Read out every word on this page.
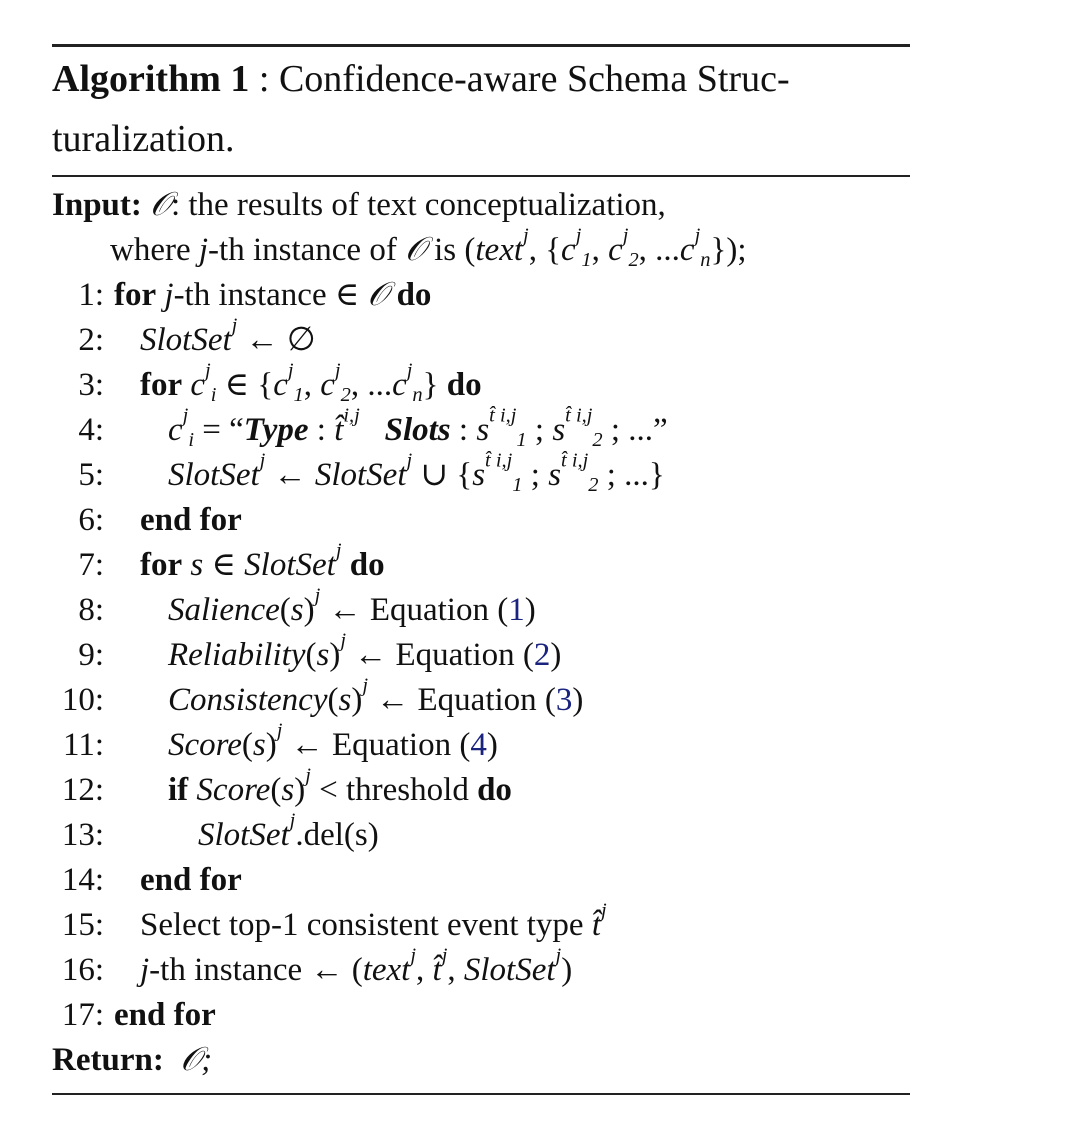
Algorithm 1 : Confidence-aware Schema Struc-
turalization.
Input: 𝒪: the results of text conceptualization,
where j-th instance of 𝒪 is (text$^j$, {$c^j_1$, $c^j_2$, $...c^j_n$});
1: for j-th instance ∈ 𝒪 do
2: SlotSet$^j$ ← ∅
3: for $c^j_i$ ∈ {$c^j_1$, $c^j_2$, $...c^j_n$} do
4: $c^j_i$ = “Type : t̂$^{i,j}$ Slots : $s^{t̂ i,j}_1$ ; $s^{t̂ i,j}_2$ ; ...”
5: SlotSet$^j$ ← SlotSet$^j$ ∪ {$s^{t̂ i,j}_1$ ; $s^{t̂ i,j}_2$ ; ...}
6: end for
7: for s ∈ SlotSet$^j$ do
8: $Salience(s)^j$ ← Equation (1)
9: $Reliability(s)^j$ ← Equation (2)
10: $Consistency(s)^j$ ← Equation (3)
11: $Score(s)^j$ ← Equation (4)
12: if $Score(s)^j$ < threshold do
13:	SlotSet$^j$.del(s)
14: end for
15: Select top-1 consistent event type t̂$^j$
16: j-th instance ← (text$^j$, t̂$^j$, SlotSet$^j$)
17: end for
Return: 𝒪;
